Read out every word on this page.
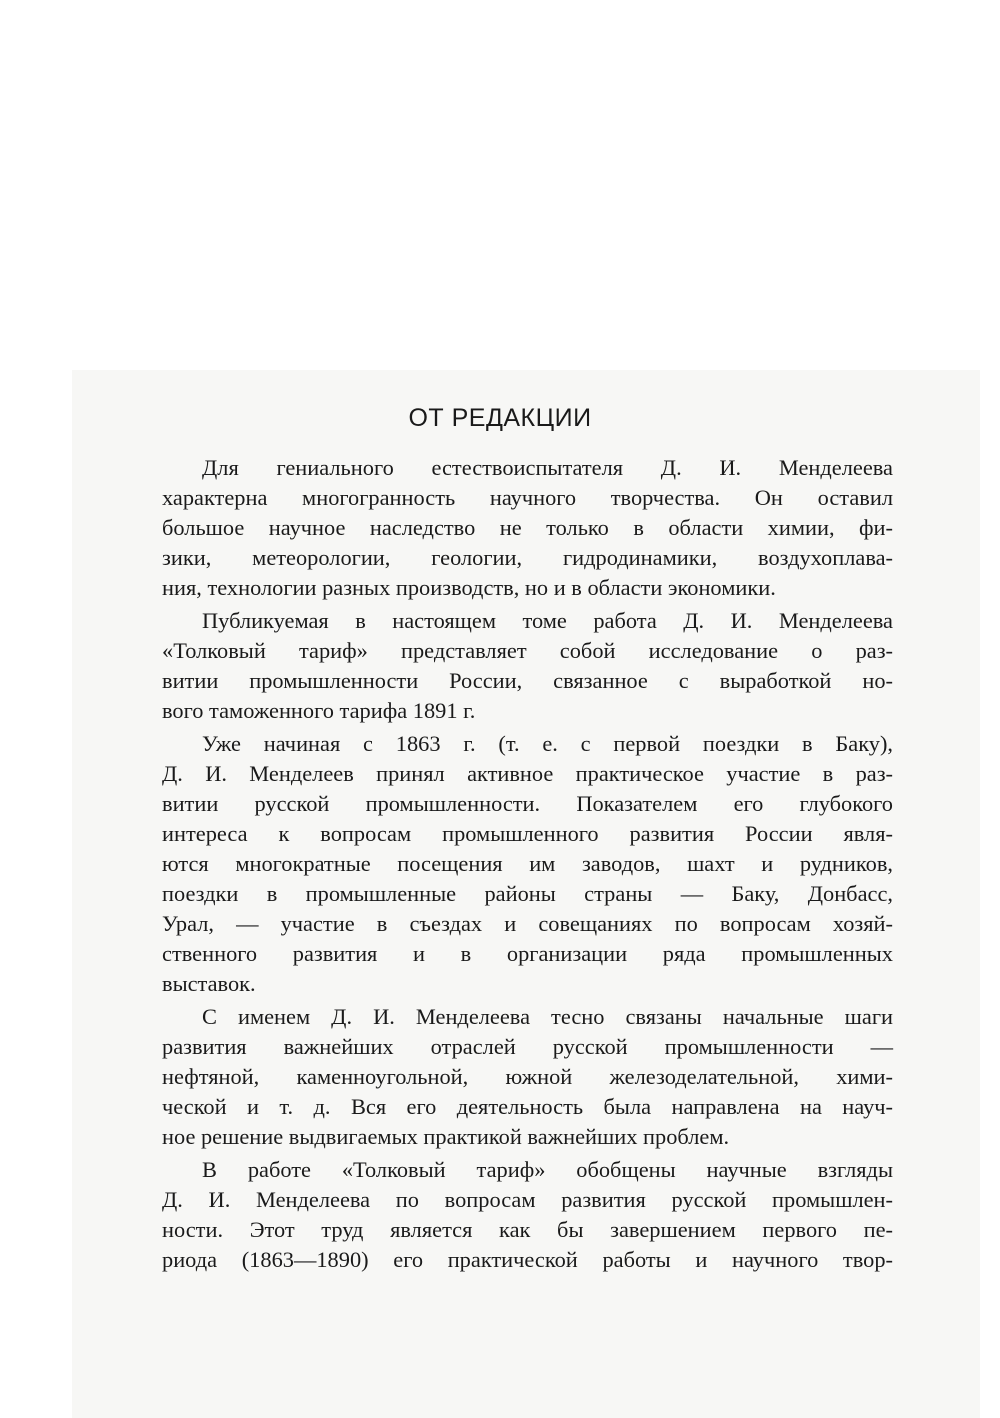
ОТ РЕДАКЦИИ
Для гениального естествоиспытателя Д. И. Менделеева
характерна многогранность научного творчества. Он оставил
большое научное наследство не только в области химии, фи-
зики, метеорологии, геологии, гидродинамики, воздухоплава-
ния, технологии разных производств, но и в области экономики.
Публикуемая в настоящем томе работа Д. И. Менделеева
«Толковый тариф» представляет собой исследование о раз-
витии промышленности России, связанное с выработкой но-
вого таможенного тарифа 1891 г.
Уже начиная с 1863 г. (т. е. с первой поездки в Баку),
Д. И. Менделеев принял активное практическое участие в раз-
витии русской промышленности. Показателем его глубокого
интереса к вопросам промышленного развития России явля-
ются многократные посещения им заводов, шахт и рудников,
поездки в промышленные районы страны — Баку, Донбасс,
Урал, — участие в съездах и совещаниях по вопросам хозяй-
ственного развития и в организации ряда промышленных
выставок.
С именем Д. И. Менделеева тесно связаны начальные шаги
развития важнейших отраслей русской промышленности —
нефтяной, каменноугольной, южной железоделательной, хими-
ческой и т. д. Вся его деятельность была направлена на науч-
ное решение выдвигаемых практикой важнейших проблем.
В работе «Толковый тариф» обобщены научные взгляды
Д. И. Менделеева по вопросам развития русской промышлен-
ности. Этот труд является как бы завершением первого пе-
риода (1863—1890) его практической работы и научного твор-
